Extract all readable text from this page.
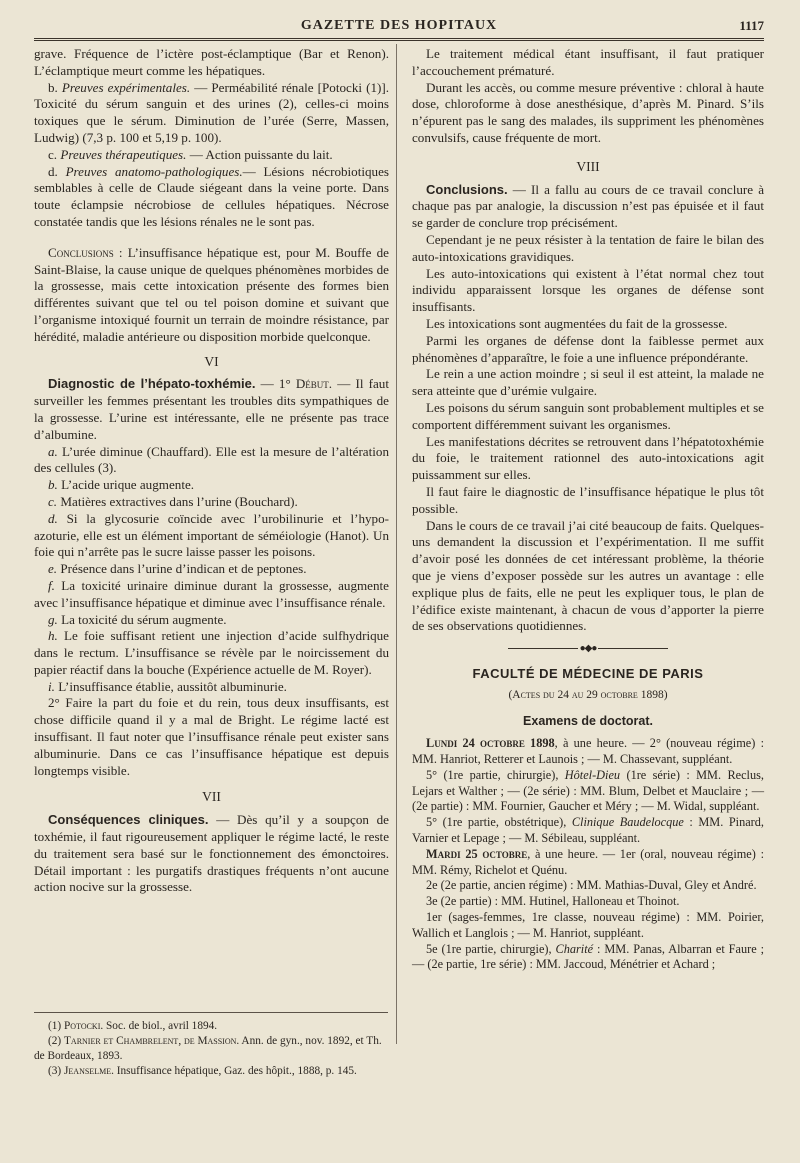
GAZETTE DES HOPITAUX	1117

grave. Fréquence de l’ictère post-éclamptique (Bar et Renon). L’éclamptique meurt comme les hépatiques.

b. Preuves expérimentales. — Perméabilité rénale [Potocki (1)]. Toxicité du sérum sanguin et des urines (2), celles-ci moins toxiques que le sérum. Diminution de l’urée (Serre, Massen, Ludwig) (7,3 p. 100 et 5,19 p. 100).

c. Preuves thérapeutiques. — Action puissante du lait.

d. Preuves anatomo-pathologiques.— Lésions nécrobiotiques semblables à celle de Claude siégeant dans la veine porte. Dans toute éclampsie nécrobiose de cellules hépatiques. Nécrose constatée tandis que les lésions rénales ne le sont pas.

Conclusions : L’insuffisance hépatique est, pour M. Bouffe de Saint-Blaise, la cause unique de quelques phénomènes morbides de la grossesse, mais cette intoxication présente des formes bien différentes suivant que tel ou tel poison domine et suivant que l’organisme intoxiqué fournit un terrain de moindre résistance, par hérédité, maladie antérieure ou disposition morbide quelconque.

VI

Diagnostic de l’hépato-toxhémie. — 1° Début. — Il faut surveiller les femmes présentant les troubles dits sympathiques de la grossesse. L’urine est intéressante, elle ne présente pas trace d’albumine.

a. L’urée diminue (Chauffard). Elle est la mesure de l’altération des cellules (3).

b. L’acide urique augmente.

c. Matières extractives dans l’urine (Bouchard).

d. Si la glycosurie coïncide avec l’urobilinurie et l’hypo-azoturie, elle est un élément important de séméiologie (Hanot). Un foie qui n’arrête pas le sucre laisse passer les poisons.

e. Présence dans l’urine d’indican et de peptones.

f. La toxicité urinaire diminue durant la grossesse, augmente avec l’insuffisance hépatique et diminue avec l’insuffisance rénale.

g. La toxicité du sérum augmente.

h. Le foie suffisant retient une injection d’acide sulfhydrique dans le rectum. L’insuffisance se révèle par le noircissement du papier réactif dans la bouche (Expérience actuelle de M. Royer).

i. L’insuffisance établie, aussitôt albuminurie.

2° Faire la part du foie et du rein, tous deux insuffisants, est chose difficile quand il y a mal de Bright. Le régime lacté est insuffisant. Il faut noter que l’insuffisance rénale peut exister sans albuminurie. Dans ce cas l’insuffisance hépatique est depuis longtemps visible.

VII

Conséquences cliniques. — Dès qu’il y a soupçon de toxhémie, il faut rigoureusement appliquer le régime lacté, le reste du traitement sera basé sur le fonctionnement des émonctoires. Détail important : les purgatifs drastiques fréquents n’ont aucune action nocive sur la grossesse.

(1) Potocki. Soc. de biol., avril 1894.

(2) Tarnier et Chambrelent, de Massion. Ann. de gyn., nov. 1892, et Th. de Bordeaux, 1893.

(3) Jeanselme. Insuffisance hépatique, Gaz. des hôpit., 1888, p. 145.

Le traitement médical étant insuffisant, il faut pratiquer l’accouchement prématuré.

Durant les accès, ou comme mesure préventive : chloral à haute dose, chloroforme à dose anesthésique, d’après M. Pinard. S’ils n’épurent pas le sang des malades, ils suppriment les phénomènes convulsifs, cause fréquente de mort.

VIII

Conclusions. — Il a fallu au cours de ce travail conclure à chaque pas par analogie, la discussion n’est pas épuisée et il faut se garder de conclure trop précisément.

Cependant je ne peux résister à la tentation de faire le bilan des auto-intoxications gravidiques.

Les auto-intoxications qui existent à l’état normal chez tout individu apparaissent lorsque les organes de défense sont insuffisants.

Les intoxications sont augmentées du fait de la grossesse.

Parmi les organes de défense dont la faiblesse permet aux phénomènes d’apparaître, le foie a une influence prépondérante.

Le rein a une action moindre ; si seul il est atteint, la malade ne sera atteinte que d’urémie vulgaire.

Les poisons du sérum sanguin sont probablement multiples et se comportent différemment suivant les organismes.

Les manifestations décrites se retrouvent dans l’hépatotoxhémie du foie, le traitement rationnel des auto-intoxications agit puissamment sur elles.

Il faut faire le diagnostic de l’insuffisance hépatique le plus tôt possible.

Dans le cours de ce travail j’ai cité beaucoup de faits. Quelques-uns demandent la discussion et l’expérimentation. Il me suffit d’avoir posé les données de cet intéressant problème, la théorie que je viens d’exposer possède sur les autres un avantage : elle explique plus de faits, elle ne peut les expliquer tous, le plan de l’édifice existe maintenant, à chacun de vous d’apporter la pierre de ses observations quotidiennes.

●◆●
FACULTÉ DE MÉDECINE DE PARIS
(Actes du 24 au 29 octobre 1898)
Examens de doctorat.

Lundi 24 octobre 1898, à une heure. — 2° (nouveau régime) : MM. Hanriot, Retterer et Launois ; — M. Chassevant, suppléant.

5° (1re partie, chirurgie), Hôtel-Dieu (1re série) : MM. Reclus, Lejars et Walther ; — (2e série) : MM. Blum, Delbet et Mauclaire ; — (2e partie) : MM. Fournier, Gaucher et Méry ; — M. Widal, suppléant.

5° (1re partie, obstétrique), Clinique Baudelocque : MM. Pinard, Varnier et Lepage ; — M. Sébileau, suppléant.

Mardi 25 octobre, à une heure. — 1er (oral, nouveau régime) : MM. Rémy, Richelot et Quénu.

2e (2e partie, ancien régime) : MM. Mathias-Duval, Gley et André.

3e (2e partie) : MM. Hutinel, Halloneau et Thoinot.

1er (sages-femmes, 1re classe, nouveau régime) : MM. Poirier, Wallich et Langlois ; — M. Hanriot, suppléant.

5e (1re partie, chirurgie), Charité : MM. Panas, Albarran et Faure ; — (2e partie, 1re série) : MM. Jaccoud, Ménétrier et Achard ;
